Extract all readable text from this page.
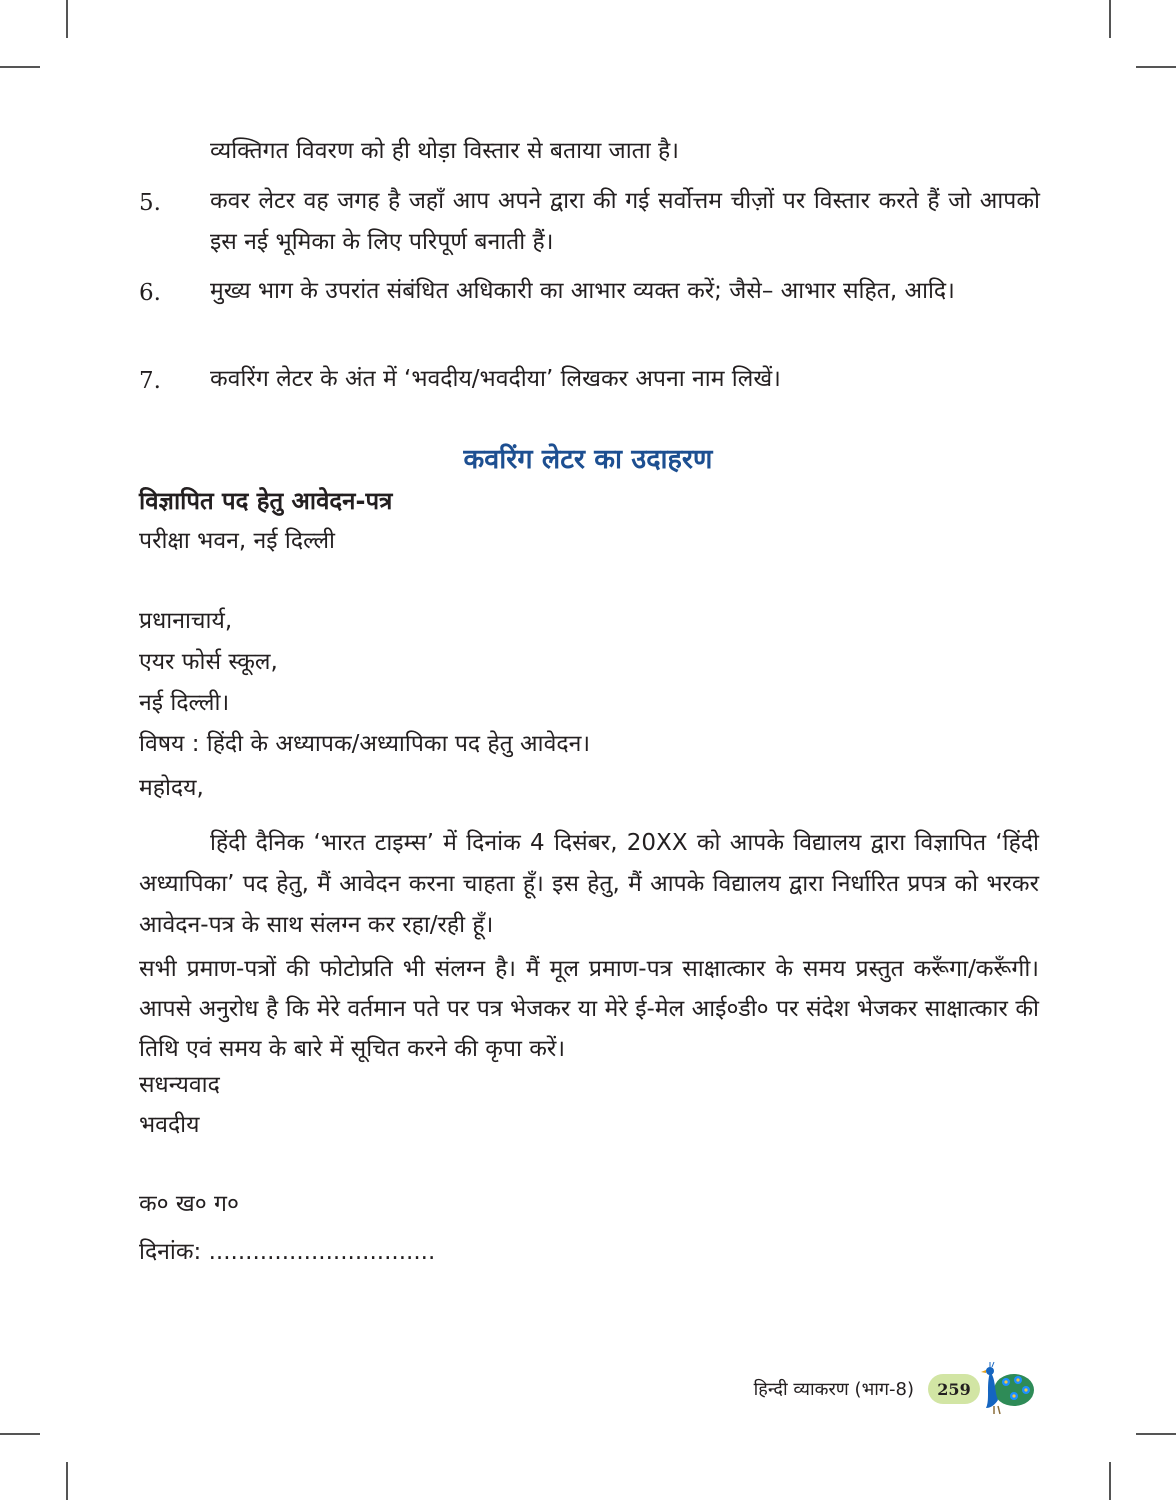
व्यक्तिगत विवरण को ही थोड़ा विस्तार से बताया जाता है।
5. कवर लेटर वह जगह है जहाँ आप अपने द्वारा की गई सर्वोत्तम चीज़ों पर विस्तार करते हैं जो आपको इस नई भूमिका के लिए परिपूर्ण बनाती हैं।
6. मुख्य भाग के उपरांत संबंधित अधिकारी का आभार व्यक्त करें; जैसे– आभार सहित, आदि।
7. कवरिंग लेटर के अंत में ‘भवदीय/भवदीया’ लिखकर अपना नाम लिखें।
कवरिंग लेटर का उदाहरण
विज्ञापित पद हेतु आवेदन-पत्र
परीक्षा भवन, नई दिल्ली
प्रधानाचार्य,
एयर फोर्स स्कूल,
नई दिल्ली।
विषय : हिंदी के अध्यापक/अध्यापिका पद हेतु आवेदन।
महोदय,
हिंदी दैनिक ‘भारत टाइम्स’ में दिनांक 4 दिसंबर, 20XX को आपके विद्यालय द्वारा विज्ञापित ‘हिंदी अध्यापिका’ पद हेतु, मैं आवेदन करना चाहता हूँ। इस हेतु, मैं आपके विद्यालय द्वारा निर्धारित प्रपत्र को भरकर आवेदन-पत्र के साथ संलग्न कर रहा/रही हूँ।
सभी प्रमाण-पत्रों की फोटोप्रति भी संलग्न है। मैं मूल प्रमाण-पत्र साक्षात्कार के समय प्रस्तुत करूँगा/करूँगी। आपसे अनुरोध है कि मेरे वर्तमान पते पर पत्र भेजकर या मेरे ई-मेल आई०डी० पर संदेश भेजकर साक्षात्कार की तिथि एवं समय के बारे में सूचित करने की कृपा करें।
सधन्यवाद
भवदीय
क० ख० ग०
दिनांक: ...............................
हिन्दी व्याकरण (भाग-8)	259
